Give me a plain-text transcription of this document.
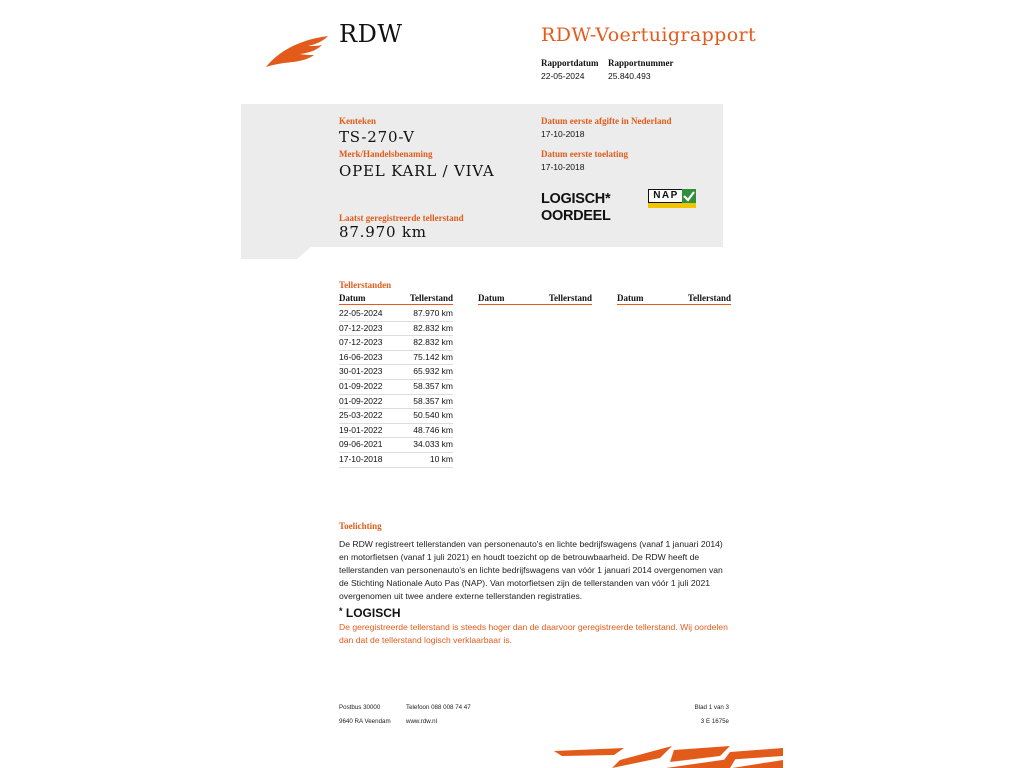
RDW	RDW-Voertuigrapport
Rapportdatum
22-05-2024
Rapportnummer
25.840.493
Kenteken
TS-270-V
Merk/Handelsbenaming
OPEL KARL / VIVA
Laatst geregistreerde tellerstand
87.970 km
Datum eerste afgifte in Nederland
17-10-2018
Datum eerste toelating
17-10-2018
LOGISCH*
OORDEEL
NAP
Tellerstanden
Datum	Tellerstand	Datum	Tellerstand	Datum	Tellerstand
22-05-2024	87.970 km
07-12-2023	82.832 km
07-12-2023	82.832 km
16-06-2023	75.142 km
30-01-2023	65.932 km
01-09-2022	58.357 km
01-09-2022	58.357 km
25-03-2022	50.540 km
19-01-2022	48.746 km
09-06-2021	34.033 km
17-10-2018	10 km
Toelichting
De RDW registreert tellerstanden van personenauto's en lichte bedrijfswagens (vanaf 1 januari 2014) en motorfietsen (vanaf 1 juli 2021) en houdt toezicht op de betrouwbaarheid. De RDW heeft de tellerstanden van personenauto's en lichte bedrijfswagens van vóór 1 januari 2014 overgenomen van de Stichting Nationale Auto Pas (NAP). Van motorfietsen zijn de tellerstanden van vóór 1 juli 2021 overgenomen uit twee andere externe tellerstanden registraties.
* LOGISCH
De geregistreerde tellerstand is steeds hoger dan de daarvoor geregistreerde tellerstand. Wij oordelen dan dat de tellerstand logisch verklaarbaar is.
Postbus 30000
9640 RA Veendam
Telefoon 088 008 74 47
www.rdw.nl
Blad 1 van 3
3 E 1675e
